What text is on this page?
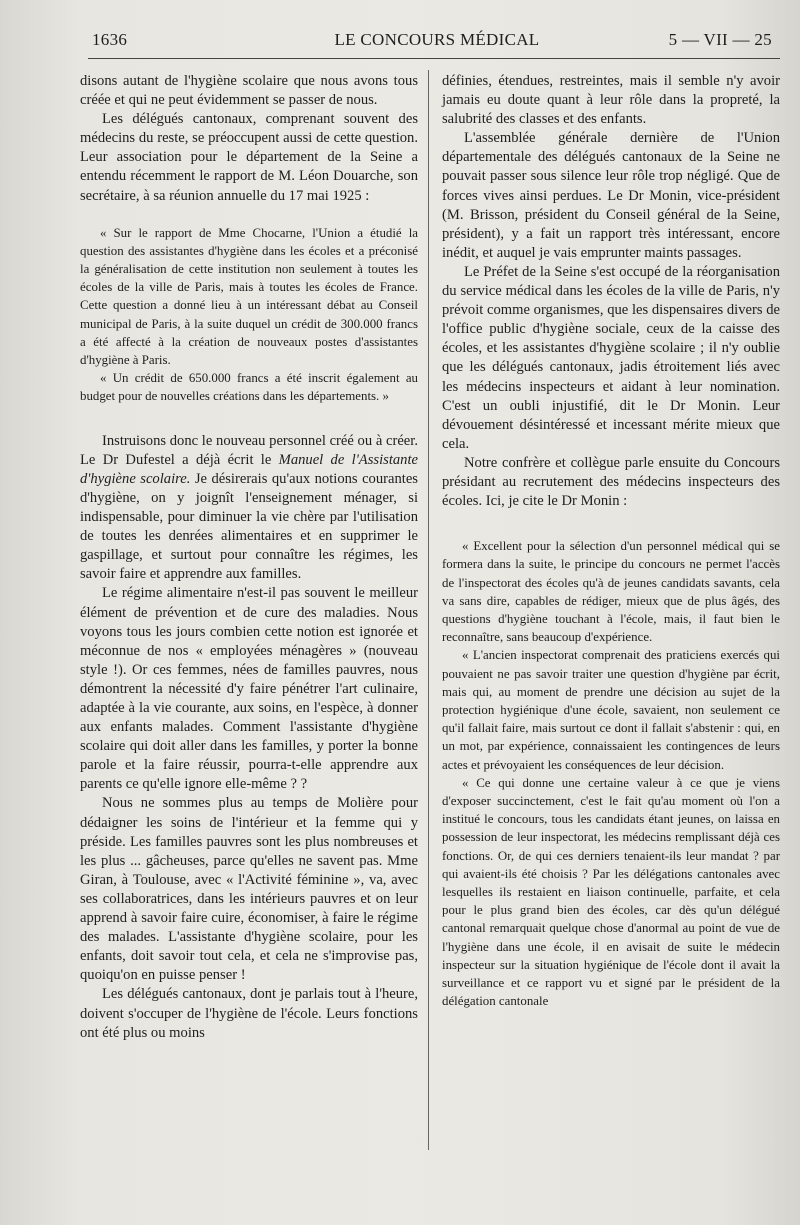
1636	LE CONCOURS MÉDICAL	5 — VII — 25

disons autant de l'hygiène scolaire que nous avons tous créée et qui ne peut évidemment se passer de nous.

Les délégués cantonaux, comprenant souvent des médecins du reste, se préoccupent aussi de cette question. Leur association pour le département de la Seine a entendu récemment le rapport de M. Léon Douarche, son secrétaire, à sa réunion annuelle du 17 mai 1925 :

« Sur le rapport de Mme Chocarne, l'Union a étudié la question des assistantes d'hygiène dans les écoles et a préconisé la généralisation de cette institution non seulement à toutes les écoles de la ville de Paris, mais à toutes les écoles de France. Cette question a donné lieu à un intéressant débat au Conseil municipal de Paris, à la suite duquel un crédit de 300.000 francs a été affecté à la création de nouveaux postes d'assistantes d'hygiène à Paris.

« Un crédit de 650.000 francs a été inscrit également au budget pour de nouvelles créations dans les départements. »

Instruisons donc le nouveau personnel créé ou à créer. Le Dr Dufestel a déjà écrit le Manuel de l'Assistante d'hygiène scolaire. Je désirerais qu'aux notions courantes d'hygiène, on y joignît l'enseignement ménager, si indispensable, pour diminuer la vie chère par l'utilisation de toutes les denrées alimentaires et en supprimer le gaspillage, et surtout pour connaître les régimes, les savoir faire et apprendre aux familles.

Le régime alimentaire n'est-il pas souvent le meilleur élément de prévention et de cure des maladies. Nous voyons tous les jours combien cette notion est ignorée et méconnue de nos « employées ménagères » (nouveau style !). Or ces femmes, nées de familles pauvres, nous démontrent la nécessité d'y faire pénétrer l'art culinaire, adaptée à la vie courante, aux soins, en l'espèce, à donner aux enfants malades. Comment l'assistante d'hygiène scolaire qui doit aller dans les familles, y porter la bonne parole et la faire réussir, pourra-t-elle apprendre aux parents ce qu'elle ignore elle-même ? ?

Nous ne sommes plus au temps de Molière pour dédaigner les soins de l'intérieur et la femme qui y préside. Les familles pauvres sont les plus nombreuses et les plus ... gâcheuses, parce qu'elles ne savent pas. Mme Giran, à Toulouse, avec « l'Activité féminine », va, avec ses collaboratrices, dans les intérieurs pauvres et on leur apprend à savoir faire cuire, économiser, à faire le régime des malades. L'assistante d'hygiène scolaire, pour les enfants, doit savoir tout cela, et cela ne s'improvise pas, quoiqu'on en puisse penser !

Les délégués cantonaux, dont je parlais tout à l'heure, doivent s'occuper de l'hygiène de l'école. Leurs fonctions ont été plus ou moins

définies, étendues, restreintes, mais il semble n'y avoir jamais eu doute quant à leur rôle dans la propreté, la salubrité des classes et des enfants.

L'assemblée générale dernière de l'Union départementale des délégués cantonaux de la Seine ne pouvait passer sous silence leur rôle trop négligé. Que de forces vives ainsi perdues. Le Dr Monin, vice-président (M. Brisson, président du Conseil général de la Seine, président), y a fait un rapport très intéressant, encore inédit, et auquel je vais emprunter maints passages.

Le Préfet de la Seine s'est occupé de la réorganisation du service médical dans les écoles de la ville de Paris, n'y prévoit comme organismes, que les dispensaires divers de l'office public d'hygiène sociale, ceux de la caisse des écoles, et les assistantes d'hygiène scolaire ; il n'y oublie que les délégués cantonaux, jadis étroitement liés avec les médecins inspecteurs et aidant à leur nomination. C'est un oubli injustifié, dit le Dr Monin. Leur dévouement désintéressé et incessant mérite mieux que cela.

Notre confrère et collègue parle ensuite du Concours présidant au recrutement des médecins inspecteurs des écoles. Ici, je cite le Dr Monin :

« Excellent pour la sélection d'un personnel médical qui se formera dans la suite, le principe du concours ne permet l'accès de l'inspectorat des écoles qu'à de jeunes candidats savants, cela va sans dire, capables de rédiger, mieux que de plus âgés, des questions d'hygiène touchant à l'école, mais, il faut bien le reconnaître, sans beaucoup d'expérience.

« L'ancien inspectorat comprenait des praticiens exercés qui pouvaient ne pas savoir traiter une question d'hygiène par écrit, mais qui, au moment de prendre une décision au sujet de la protection hygiénique d'une école, savaient, non seulement ce qu'il fallait faire, mais surtout ce dont il fallait s'abstenir : qui, en un mot, par expérience, connaissaient les contingences de leurs actes et prévoyaient les conséquences de leur décision.

« Ce qui donne une certaine valeur à ce que je viens d'exposer succinctement, c'est le fait qu'au moment où l'on a institué le concours, tous les candidats étant jeunes, on laissa en possession de leur inspectorat, les médecins remplissant déjà ces fonctions. Or, de qui ces derniers tenaient-ils leur mandat ? par qui avaient-ils été choisis ? Par les délégations cantonales avec lesquelles ils restaient en liaison continuelle, parfaite, et cela pour le plus grand bien des écoles, car dès qu'un délégué cantonal remarquait quelque chose d'anormal au point de vue de l'hygiène dans une école, il en avisait de suite le médecin inspecteur sur la situation hygiénique de l'école dont il avait la surveillance et ce rapport vu et signé par le président de la délégation cantonale
